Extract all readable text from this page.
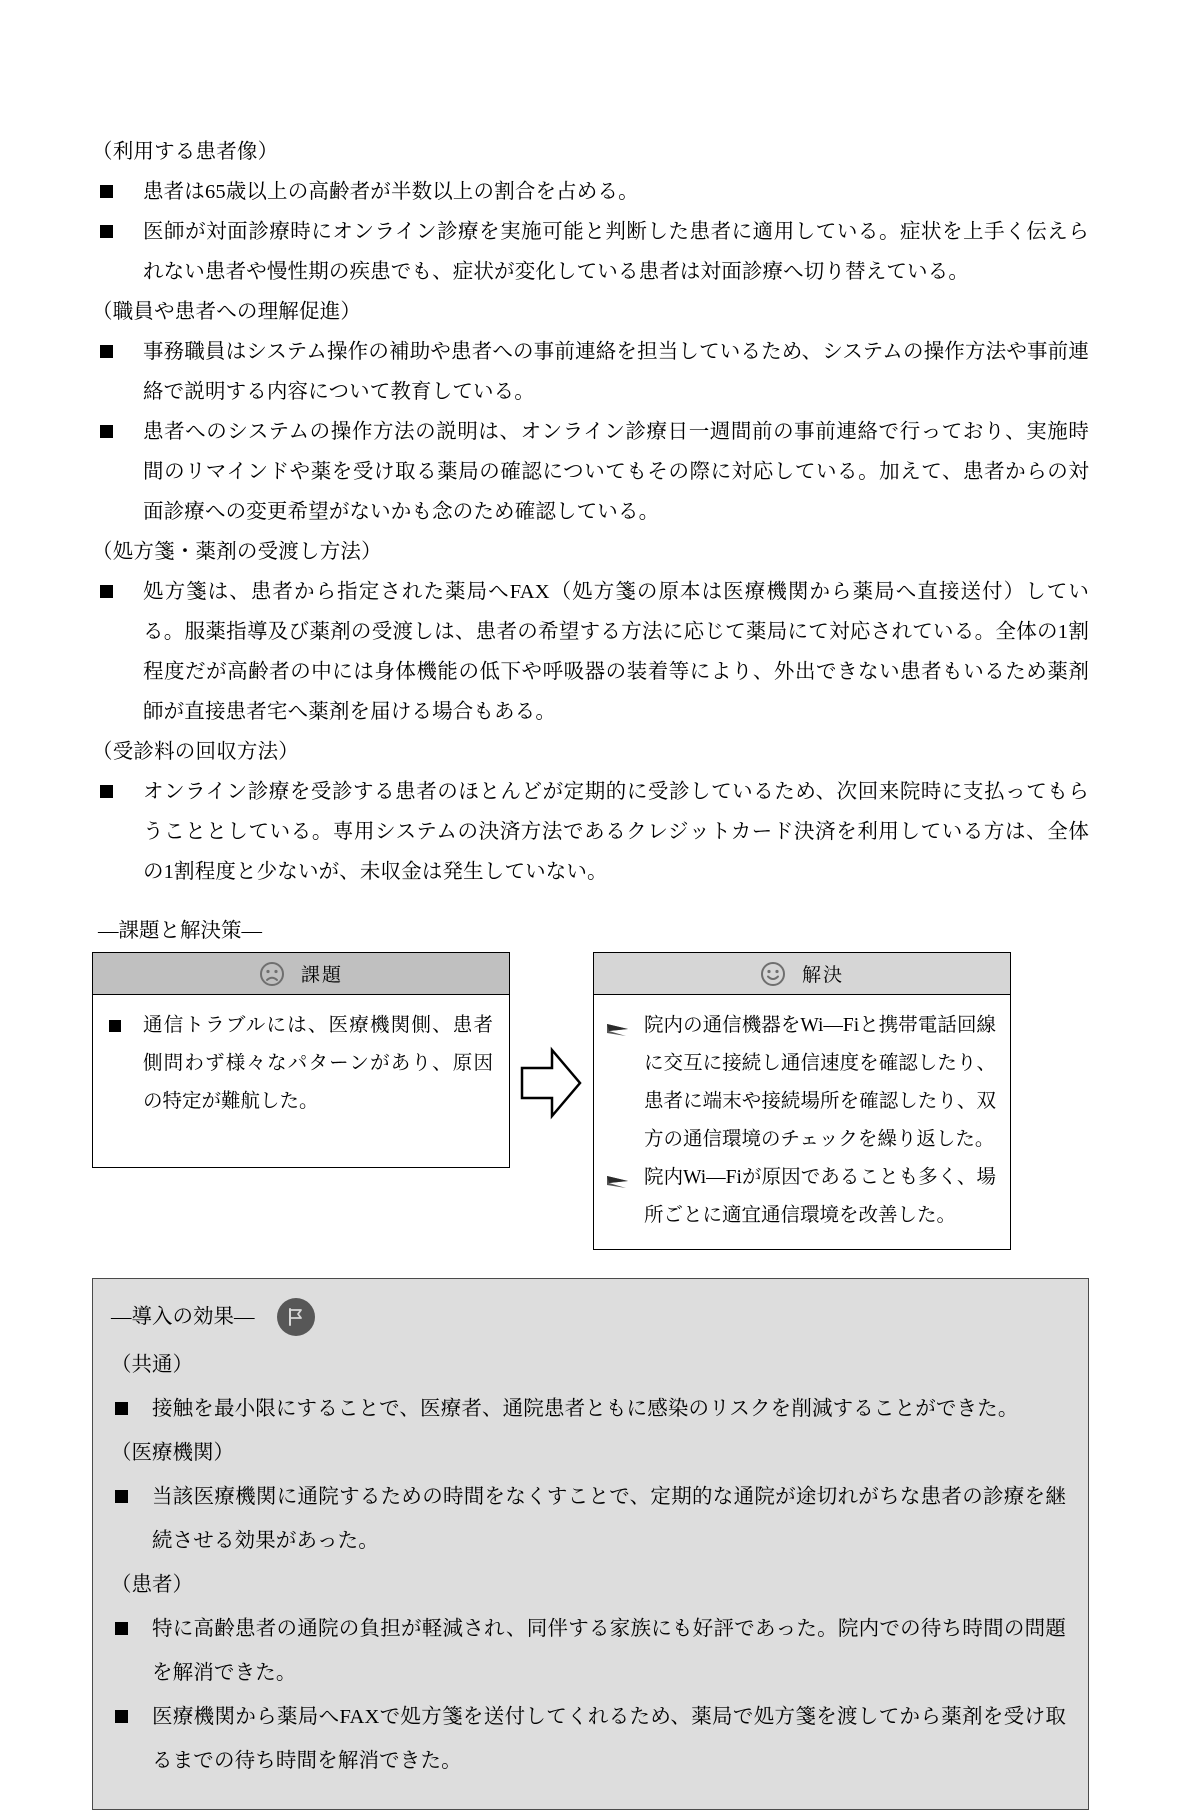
（利用する患者像）
患者は65歳以上の高齢者が半数以上の割合を占める。
医師が対面診療時にオンライン診療を実施可能と判断した患者に適用している。症状を上手く伝えられない患者や慢性期の疾患でも、症状が変化している患者は対面診療へ切り替えている。
（職員や患者への理解促進）
事務職員はシステム操作の補助や患者への事前連絡を担当しているため、システムの操作方法や事前連絡で説明する内容について教育している。
患者へのシステムの操作方法の説明は、オンライン診療日一週間前の事前連絡で行っており、実施時間のリマインドや薬を受け取る薬局の確認についてもその際に対応している。加えて、患者からの対面診療への変更希望がないかも念のため確認している。
（処方箋・薬剤の受渡し方法）
処方箋は、患者から指定された薬局へFAX（処方箋の原本は医療機関から薬局へ直接送付）している。服薬指導及び薬剤の受渡しは、患者の希望する方法に応じて薬局にて対応されている。全体の1割程度だが高齢者の中には身体機能の低下や呼吸器の装着等により、外出できない患者もいるため薬剤師が直接患者宅へ薬剤を届ける場合もある。
（受診料の回収方法）
オンライン診療を受診する患者のほとんどが定期的に受診しているため、次回来院時に支払ってもらうこととしている。専用システムの決済方法であるクレジットカード決済を利用している方は、全体の1割程度と少ないが、未収金は発生していない。
—課題と解決策—
課題
通信トラブルには、医療機関側、患者側問わず様々なパターンがあり、原因の特定が難航した。
解決
院内の通信機器をWi—Fiと携帯電話回線に交互に接続し通信速度を確認したり、患者に端末や接続場所を確認したり、双方の通信環境のチェックを繰り返した。
院内Wi—Fiが原因であることも多く、場所ごとに適宜通信環境を改善した。
—導入の効果—
（共通）
接触を最小限にすることで、医療者、通院患者ともに感染のリスクを削減することができた。
（医療機関）
当該医療機関に通院するための時間をなくすことで、定期的な通院が途切れがちな患者の診療を継続させる効果があった。
（患者）
特に高齢患者の通院の負担が軽減され、同伴する家族にも好評であった。院内での待ち時間の問題を解消できた。
医療機関から薬局へFAXで処方箋を送付してくれるため、薬局で処方箋を渡してから薬剤を受け取るまでの待ち時間を解消できた。
